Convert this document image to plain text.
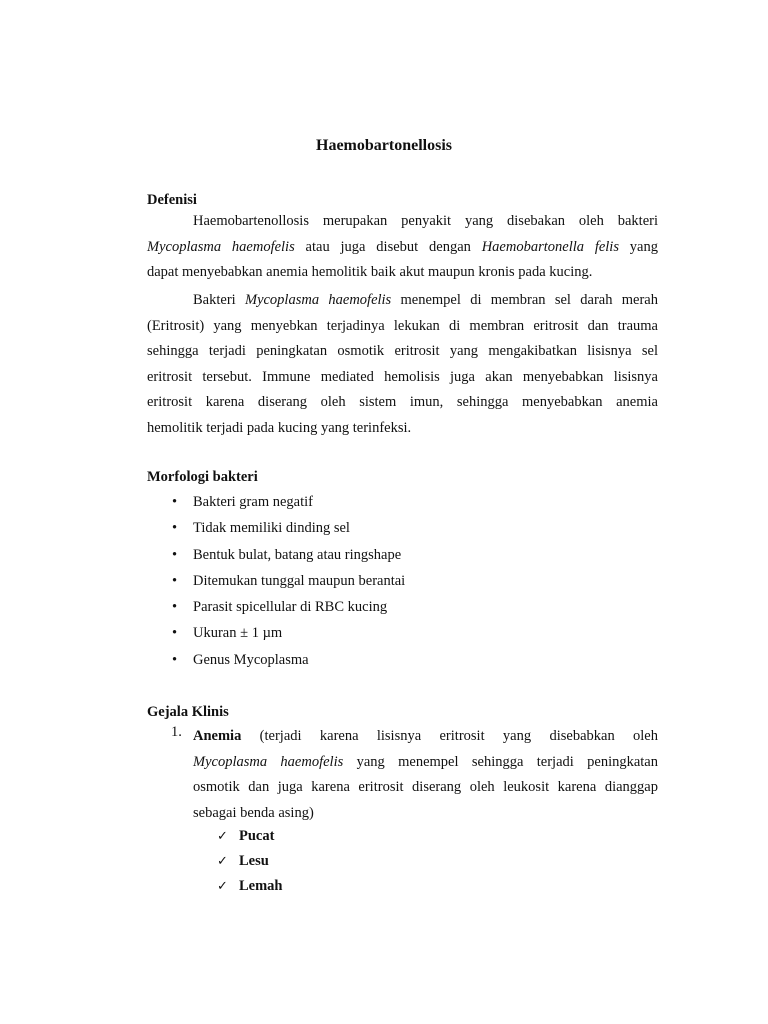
Haemobartonellosis
Defenisi
Haemobartenollosis merupakan penyakit yang disebakan oleh bakteri
Mycoplasma haemofelis atau juga disebut dengan Haemobartonella felis yang
dapat menyebabkan anemia hemolitik baik akut maupun kronis pada kucing.
Bakteri Mycoplasma haemofelis menempel di membran sel darah merah
(Eritrosit) yang menyebkan terjadinya lekukan di membran eritrosit dan trauma
sehingga terjadi peningkatan osmotik eritrosit yang mengakibatkan lisisnya sel
eritrosit tersebut. Immune mediated hemolisis juga akan menyebabkan lisisnya
eritrosit karena diserang oleh sistem imun, sehingga menyebabkan anemia
hemolitik terjadi pada kucing yang terinfeksi.
Morfologi bakteri
• Bakteri gram negatif
• Tidak memiliki dinding sel
• Bentuk bulat, batang atau ringshape
• Ditemukan tunggal maupun berantai
• Parasit spicellular di RBC kucing
• Ukuran ± 1 µm
• Genus Mycoplasma
Gejala Klinis
1. Anemia (terjadi karena lisisnya eritrosit yang disebabkan oleh
Mycoplasma haemofelis yang menempel sehingga terjadi peningkatan
osmotik dan juga karena eritrosit diserang oleh leukosit karena dianggap
sebagai benda asing)
✓ Pucat
✓ Lesu
✓ Lemah
